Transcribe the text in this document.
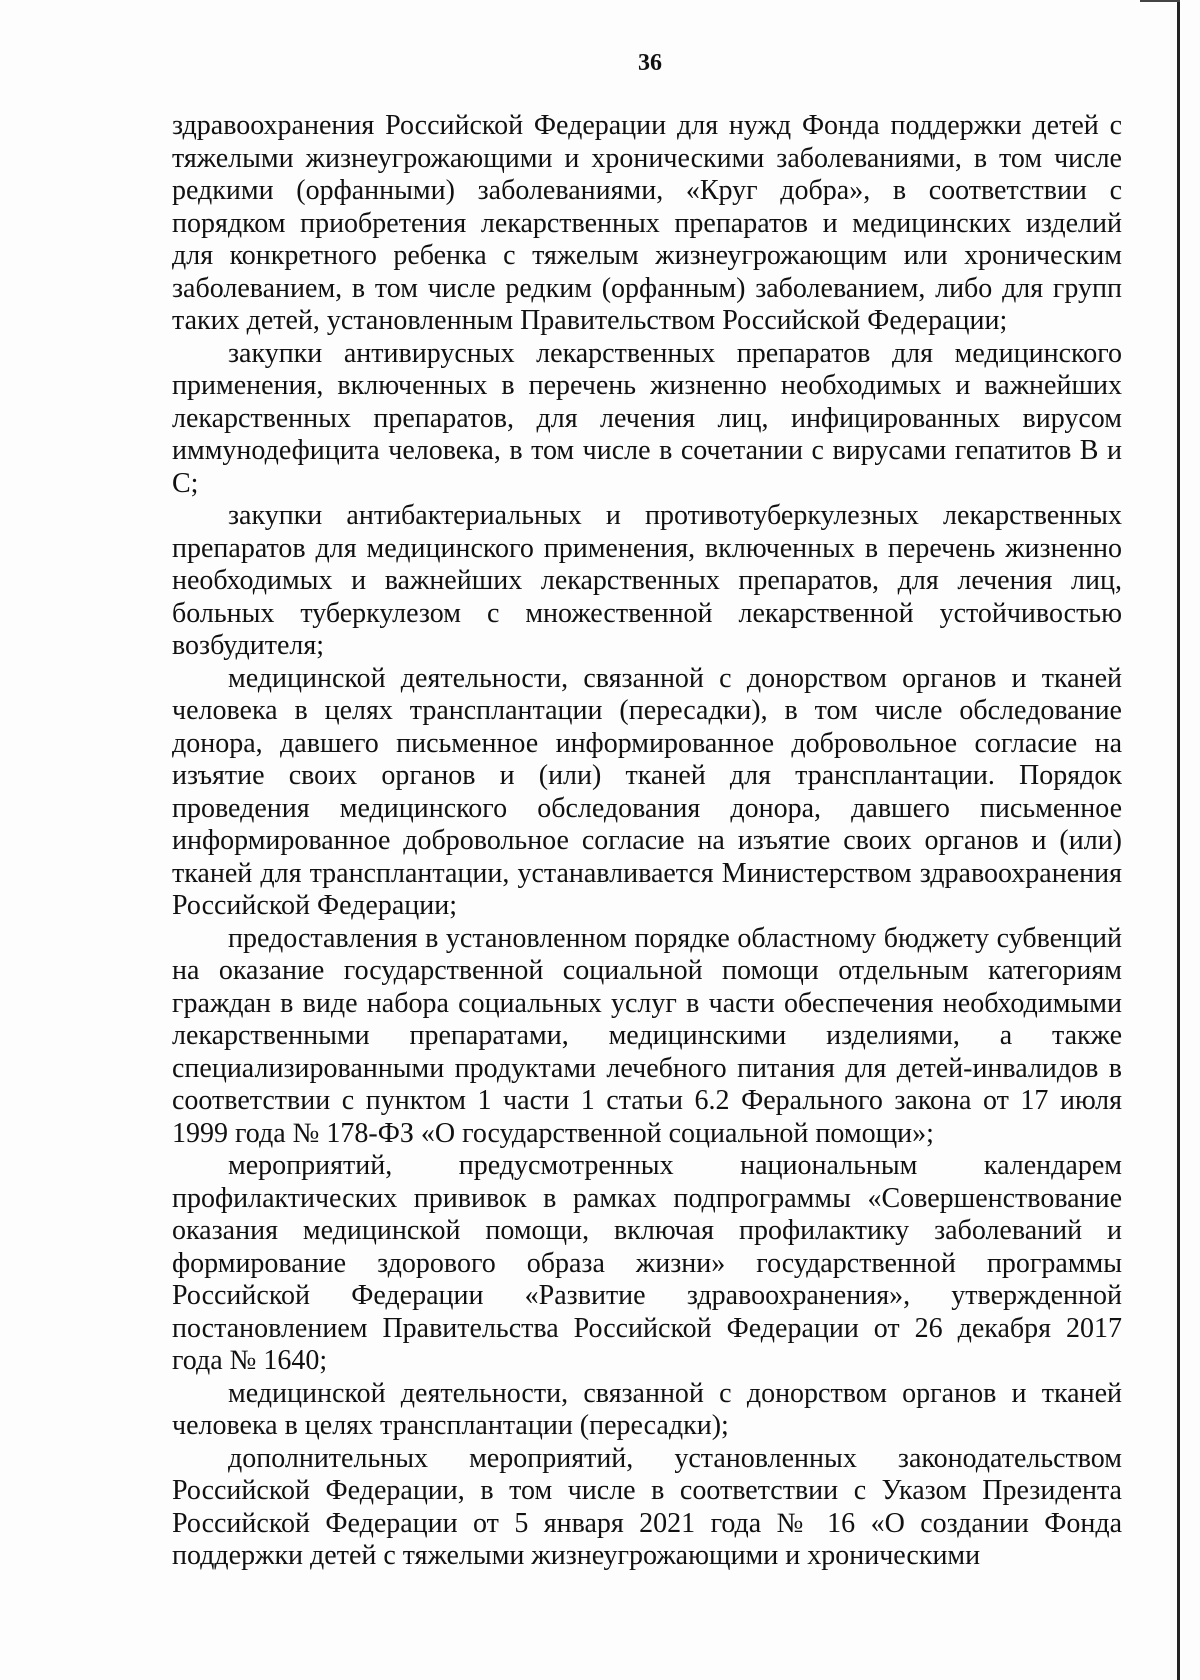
36

здравоохранения Российской Федерации для нужд Фонда поддержки детей с тяжелыми жизнеугрожающими и хроническими заболеваниями, в том числе редкими (орфанными) заболеваниями, «Круг добра», в соответствии с порядком приобретения лекарственных препаратов и медицинских изделий для конкретного ребенка с тяжелым жизнеугрожающим или хроническим заболеванием, в том числе редким (орфанным) заболеванием, либо для групп таких детей, установленным Правительством Российской Федерации;

закупки антивирусных лекарственных препаратов для медицинского применения, включенных в перечень жизненно необходимых и важнейших лекарственных препаратов, для лечения лиц, инфицированных вирусом иммунодефицита человека, в том числе в сочетании с вирусами гепатитов B и C;

закупки антибактериальных и противотуберкулезных лекарственных препаратов для медицинского применения, включенных в перечень жизненно необходимых и важнейших лекарственных препаратов, для лечения лиц, больных туберкулезом с множественной лекарственной устойчивостью возбудителя;

медицинской деятельности, связанной с донорством органов и тканей человека в целях трансплантации (пересадки), в том числе обследование донора, давшего письменное информированное добровольное согласие на изъятие своих органов и (или) тканей для трансплантации. Порядок проведения медицинского обследования донора, давшего письменное информированное добровольное согласие на изъятие своих органов и (или) тканей для трансплантации, устанавливается Министерством здравоохранения Российской Федерации;

предоставления в установленном порядке областному бюджету субвенций на оказание государственной социальной помощи отдельным категориям граждан в виде набора социальных услуг в части обеспечения необходимыми лекарственными препаратами, медицинскими изделиями, а также специализированными продуктами лечебного питания для детей-инвалидов в соответствии с пунктом 1 части 1 статьи 6.2 Ферального закона от 17 июля 1999 года № 178-ФЗ «О государственной социальной помощи»;

мероприятий, предусмотренных национальным календарем профилактических прививок в рамках подпрограммы «Совершенствование оказания медицинской помощи, включая профилактику заболеваний и формирование здорового образа жизни» государственной программы Российской Федерации «Развитие здравоохранения», утвержденной постановлением Правительства Российской Федерации от 26 декабря 2017 года № 1640;

медицинской деятельности, связанной с донорством органов и тканей человека в целях трансплантации (пересадки);

дополнительных мероприятий, установленных законодательством Российской Федерации, в том числе в соответствии с Указом Президента Российской Федерации от 5 января 2021 года № 16 «О создании Фонда поддержки детей с тяжелыми жизнеугрожающими и хроническими
